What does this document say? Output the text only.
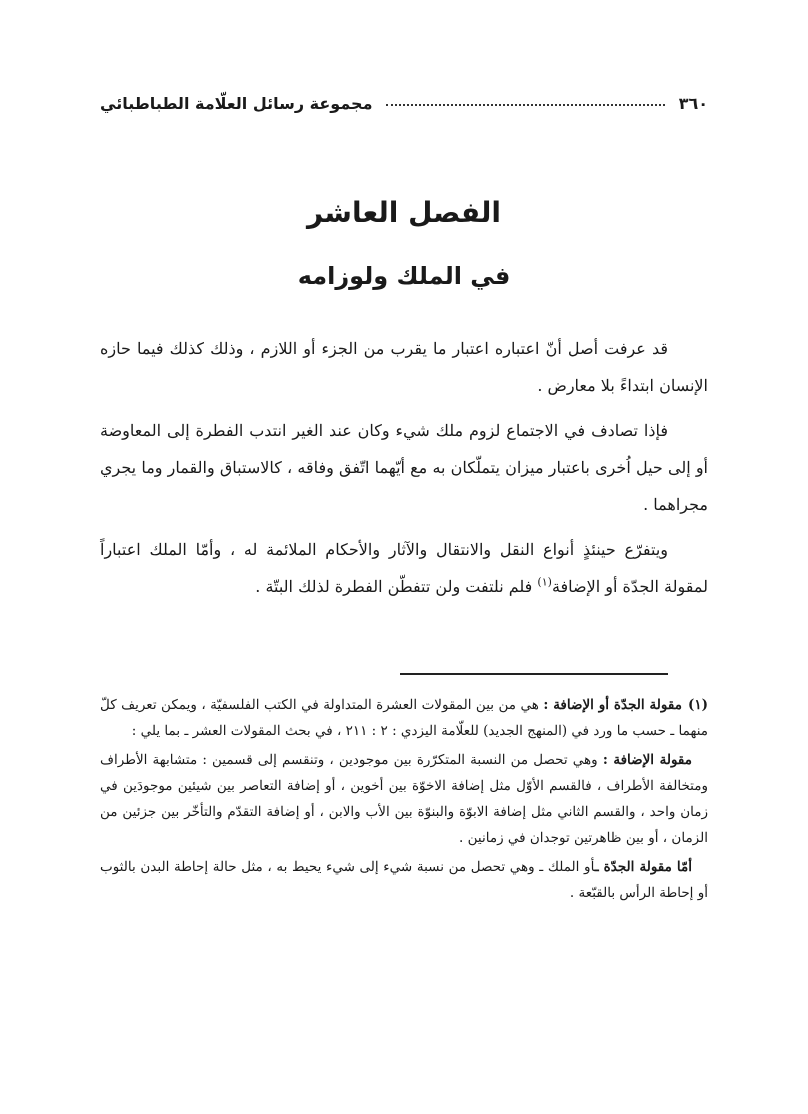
٣٦٠
مجموعة رسائل العلّامة الطباطبائي
الفصل العاشر
في الملك ولوزامه

قد عرفت أصل أنّ اعتباره اعتبار ما يقرب من الجزء أو اللازم ، وذلك كذلك فيما حازه الإنسان ابتداءً بلا معارض .

فإذا تصادف في الاجتماع لزوم ملك شيء وكان عند الغير انتدب الفطرة إلى المعاوضة أو إلى حيل اُخرى باعتبار ميزان يتملّكان به مع أيّهما اتّفق وفاقه ، كالاستباق والقمار وما يجري مجراهما .

ويتفرّع حينئذٍ أنواع النقل والانتقال والآثار والأحكام الملائمة له ، وأمّا الملك اعتباراً لمقولة الجدّة أو الإضافة$^{(١)}$ فلم نلتفت ولن تتفطّن الفطرة لذلك البتّة .

(١)مقولة الجدّة أو الإضافة : هي من بين المقولات العشرة المتداولة في الكتب الفلسفيّة ، ويمكن تعريف كلّ منهما ـ حسب ما ورد في (المنهج الجديد) للعلّامة اليزدي : ٢ : ٢١١ ، في بحث المقولات العشر ـ بما يلي :

مقولة الإضافة : وهي تحصل من النسبة المتكرّرة بين موجودين ، وتنقسم إلى قسمين : متشابهة الأطراف ومتخالفة الأطراف ، فالقسم الأوّل مثل إضافة الاخوّة بين أخوين ، أو إضافة التعاصر بين شيئين موجودَين في زمان واحد ، والقسم الثاني مثل إضافة الابوّة والبنوّة بين الأب والابن ، أو إضافة التقدّم والتأخّر بين جزئين من الزمان ، أو بين ظاهرتين توجدان في زمانين .

أمّا مقولة الجدّة ـأو الملك ـ وهي تحصل من نسبة شيء إلى شيء يحيط به ، مثل حالة إحاطة البدن بالثوب أو إحاطة الرأس بالقبّعة .
